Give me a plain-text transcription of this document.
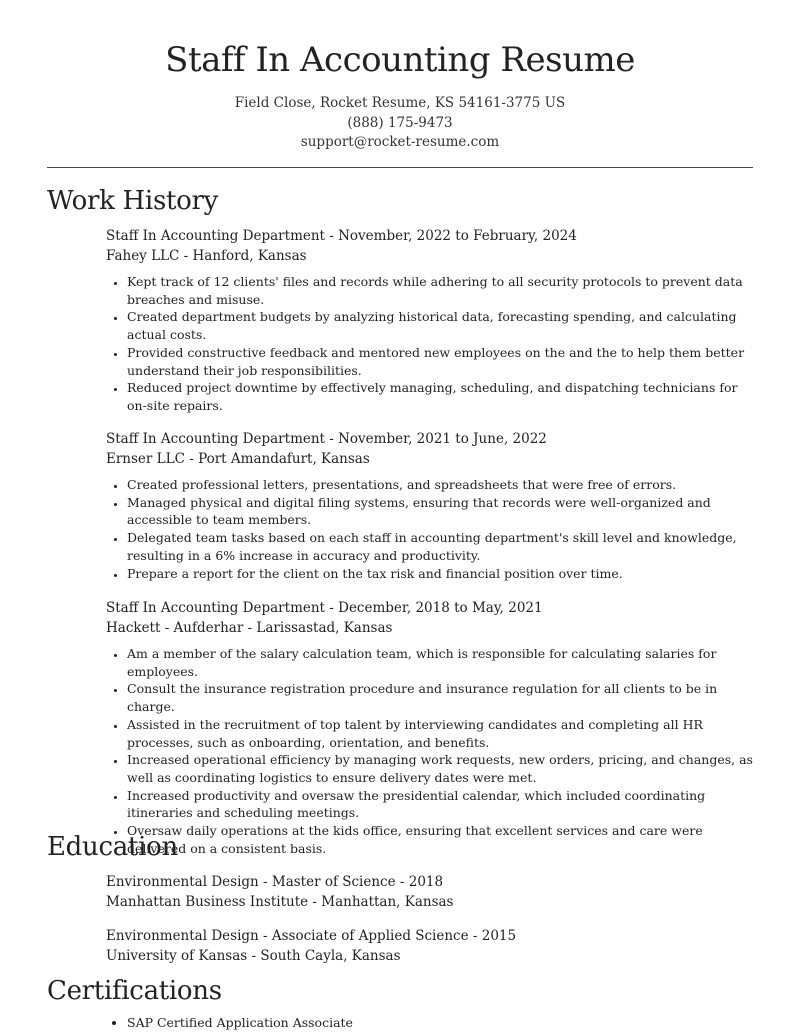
Staff In Accounting Resume
Field Close, Rocket Resume, KS 54161-3775 US
(888) 175-9473
support@rocket-resume.com
Work History
Staff In Accounting Department - November, 2022 to February, 2024
Fahey LLC - Hanford, Kansas
• Kept track of 12 clients' files and records while adhering to all security protocols to prevent data breaches and misuse.
• Created department budgets by analyzing historical data, forecasting spending, and calculating actual costs.
• Provided constructive feedback and mentored new employees on the and the to help them better understand their job responsibilities.
• Reduced project downtime by effectively managing, scheduling, and dispatching technicians for on-site repairs.
Staff In Accounting Department - November, 2021 to June, 2022
Ernser LLC - Port Amandafurt, Kansas
• Created professional letters, presentations, and spreadsheets that were free of errors.
• Managed physical and digital filing systems, ensuring that records were well-organized and accessible to team members.
• Delegated team tasks based on each staff in accounting department's skill level and knowledge, resulting in a 6% increase in accuracy and productivity.
• Prepare a report for the client on the tax risk and financial position over time.
Staff In Accounting Department - December, 2018 to May, 2021
Hackett - Aufderhar - Larissastad, Kansas
• Am a member of the salary calculation team, which is responsible for calculating salaries for employees.
• Consult the insurance registration procedure and insurance regulation for all clients to be in charge.
• Assisted in the recruitment of top talent by interviewing candidates and completing all HR processes, such as onboarding, orientation, and benefits.
• Increased operational efficiency by managing work requests, new orders, pricing, and changes, as well as coordinating logistics to ensure delivery dates were met.
• Increased productivity and oversaw the presidential calendar, which included coordinating itineraries and scheduling meetings.
• Oversaw daily operations at the kids office, ensuring that excellent services and care were delivered on a consistent basis.
Education
Environmental Design - Master of Science - 2018
Manhattan Business Institute - Manhattan, Kansas
Environmental Design - Associate of Applied Science - 2015
University of Kansas - South Cayla, Kansas
Certifications
• SAP Certified Application Associate
